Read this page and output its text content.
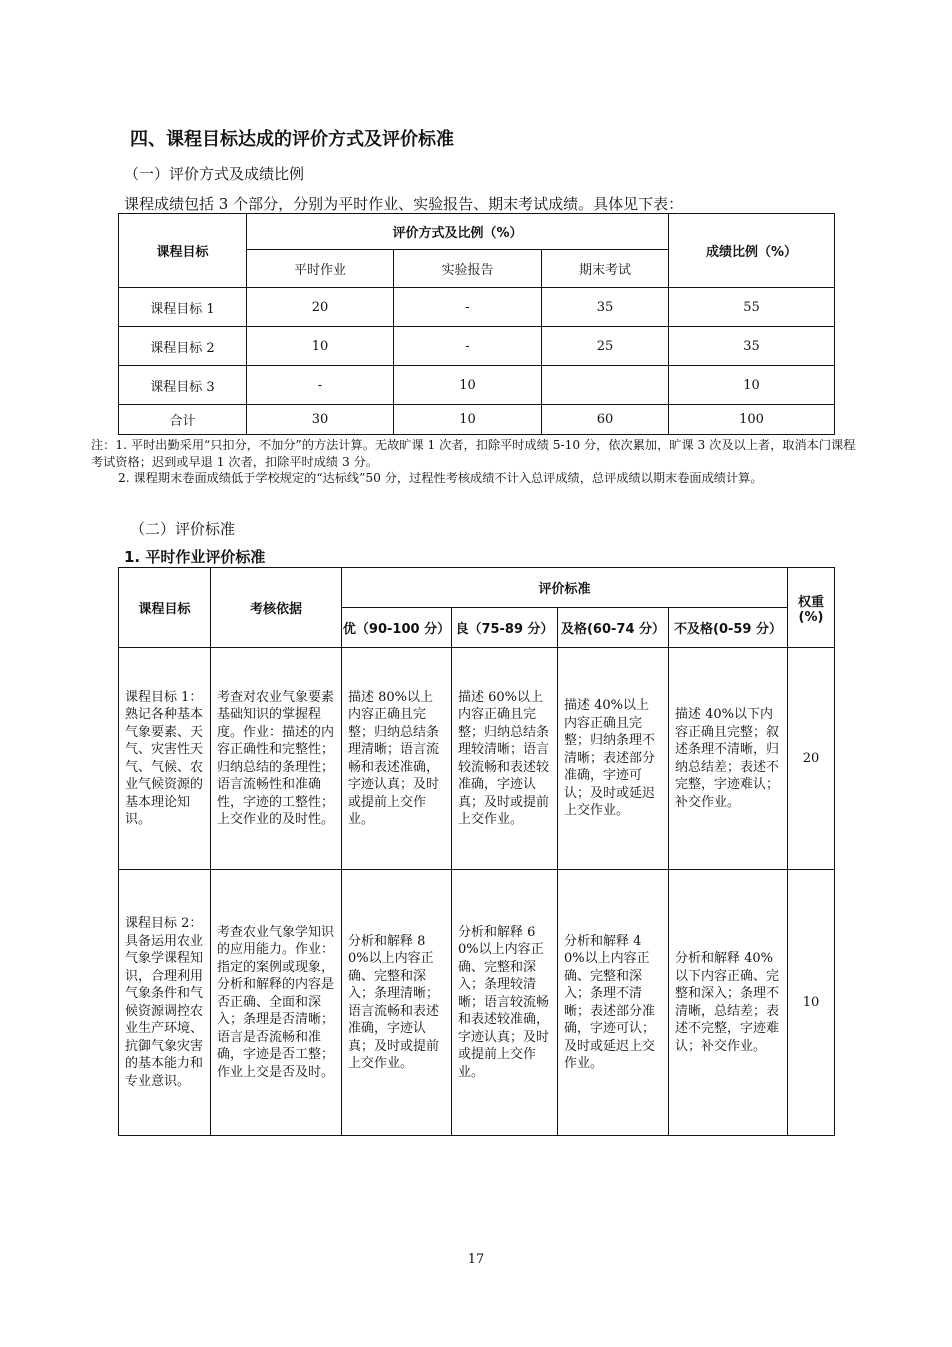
四、课程目标达成的评价方式及评价标准
（一）评价方式及成绩比例
课程成绩包括 3 个部分，分别为平时作业、实验报告、期末考试成绩。具体见下表：
课程目标	评价方式及比例（%）			成绩比例（%）
	平时作业	实验报告	期末考试	
课程目标 1	20	-	35	55
课程目标 2	10	-	25	35
课程目标 3	-	10		10
合计	30	10	60	100

注：1. 平时出勤采用“只扣分，不加分”的方法计算。无故旷课 1 次者，扣除平时成绩 5-10 分，依次累加，旷课 3 次及以上者，取消本门课程考试资格；迟到或早退 1 次者，扣除平时成绩 3 分。

2. 课程期末卷面成绩低于学校规定的“达标线”50 分，过程性考核成绩不计入总评成绩，总评成绩以期末卷面成绩计算。

（二）评价标准
1. 平时作业评价标准
课程目标	考核依据	评价标准				权重(%)
		优（90-100 分）	良（75-89 分）	及格(60-74 分）	不及格(0-59 分）	
课程目标 1：熟记各种基本气象要素、天气、灾害性天气、气候、农业气候资源的基本理论知识。	考查对农业气象要素基础知识的掌握程度。作业：描述的内容正确性和完整性；归纳总结的条理性；语言流畅性和准确性，字迹的工整性；上交作业的及时性。	描述 80%以上内容正确且完整；归纳总结条理清晰；语言流畅和表述准确，字迹认真；及时或提前上交作业。	描述 60%以上内容正确且完整；归纳总结条理较清晰；语言较流畅和表述较准确，字迹认真；及时或提前上交作业。	描述 40%以上内容正确且完整；归纳条理不清晰；表述部分准确，字迹可认；及时或延迟上交作业。	描述 40%以下内容正确且完整；叙述条理不清晰，归纳总结差；表述不完整，字迹难认；补交作业。	20
课程目标 2：具备运用农业气象学课程知识，合理利用气象条件和气候资源调控农业生产环境、抗御气象灾害的基本能力和专业意识。	考查农业气象学知识的应用能力。作业：指定的案例或现象，分析和解释的内容是否正确、全面和深入；条理是否清晰；语言是否流畅和准确，字迹是否工整；作业上交是否及时。	分析和解释 80%以上内容正确、完整和深入；条理清晰；语言流畅和表述准确，字迹认真；及时或提前上交作业。	分析和解释 60%以上内容正确、完整和深入；条理较清晰；语言较流畅和表述较准确，字迹认真；及时或提前上交作业。	分析和解释 40%以上内容正确、完整和深入；条理不清晰；表述部分准确，字迹可认；及时或延迟上交作业。	分析和解释 40%以下内容正确、完整和深入；条理不清晰，总结差；表述不完整，字迹难认；补交作业。	10
17
